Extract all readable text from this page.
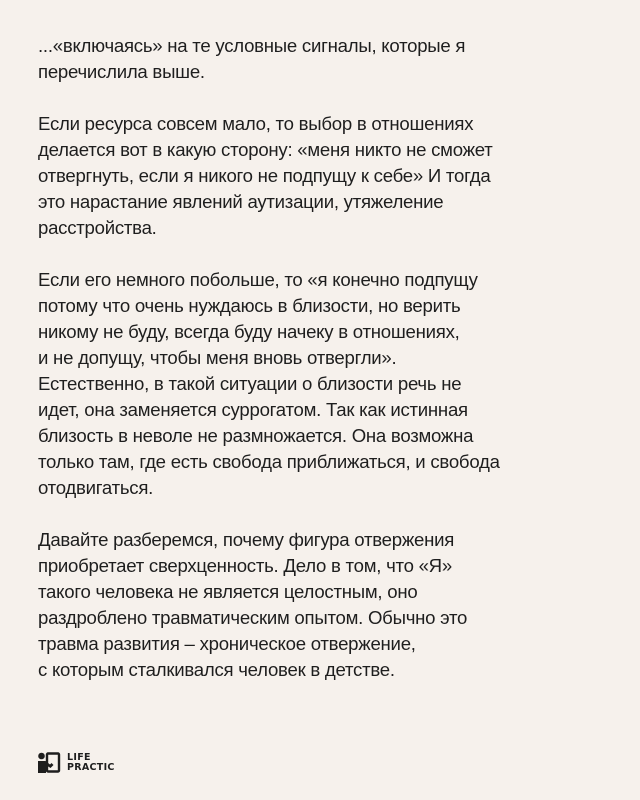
...«включаясь» на те условные сигналы, которые я
перечислила выше.

Если ресурса совсем мало, то выбор в отношениях
делается вот в какую сторону: «меня никто не сможет
отвергнуть, если я никого не подпущу к себе» И тогда
это нарастание явлений аутизации, утяжеление
расстройства.

Если его немного побольше, то «я конечно подпущу
потому что очень нуждаюсь в близости, но верить
никому не буду, всегда буду начеку в отношениях,
и не допущу, чтобы меня вновь отвергли».
Естественно, в такой ситуации о близости речь не
идет, она заменяется суррогатом. Так как истинная
близость в неволе не размножается. Она возможна
только там, где есть свобода приближаться, и свобода
отодвигаться.

Давайте разберемся, почему фигура отвержения
приобретает сверхценность. Дело в том, что «Я»
такого человека не является целостным, оно
раздроблено травматическим опытом. Обычно это
травма развития – хроническое отвержение,
с которым сталкивался человек в детстве.

LIFE
PRACTIC
